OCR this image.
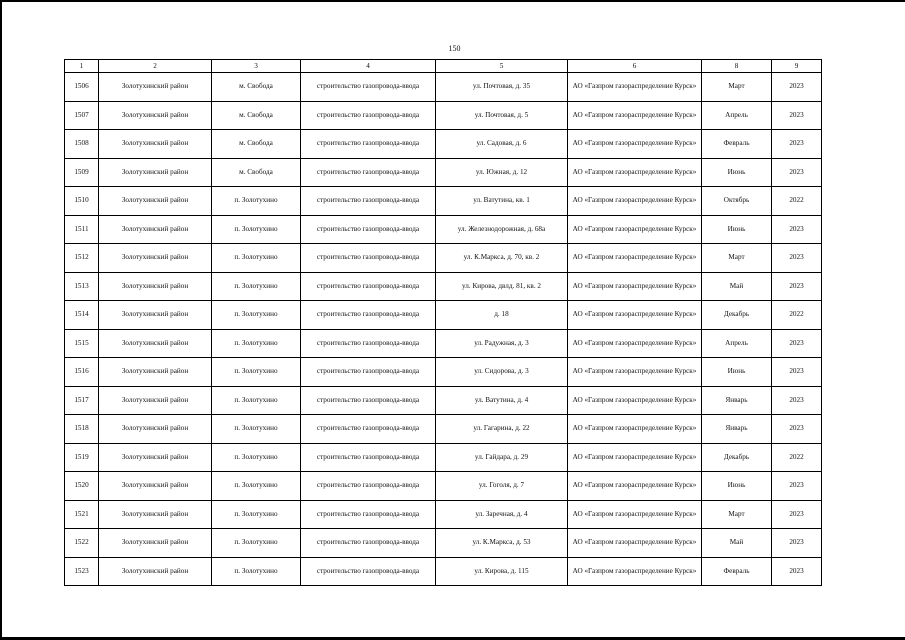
150
1	2	3	4	5	6	8	9
1506	Золотухинский район	м. Свобода	строительство газопровода-ввода	ул. Почтовая, д. 35	АО «Газпром газораспределение Курск»	Март	2023
1507	Золотухинский район	м. Свобода	строительство газопровода-ввода	ул. Почтовая, д. 5	АО «Газпром газораспределение Курск»	Апрель	2023
1508	Золотухинский район	м. Свобода	строительство газопровода-ввода	ул. Садовая, д. 6	АО «Газпром газораспределение Курск»	Февраль	2023
1509	Золотухинский район	м. Свобода	строительство газопровода-ввода	ул. Южная, д. 12	АО «Газпром газораспределение Курск»	Июнь	2023
1510	Золотухинский район	п. Золотухино	строительство газопровода-ввода	ул. Ватутина, кв. 1	АО «Газпром газораспределение Курск»	Октябрь	2022
1511	Золотухинский район	п. Золотухино	строительство газопровода-ввода	ул. Железнодорожная, д. 68а	АО «Газпром газораспределение Курск»	Июнь	2023
1512	Золотухинский район	п. Золотухино	строительство газопровода-ввода	ул. К.Маркса, д. 70, кв. 2	АО «Газпром газораспределение Курск»	Март	2023
1513	Золотухинский район	п. Золотухино	строительство газопровода-ввода	ул. Кирова, двлд. 81, кв. 2	АО «Газпром газораспределение Курск»	Май	2023
1514	Золотухинский район	п. Золотухино	строительство газопровода-ввода	д. 18	АО «Газпром газораспределение Курск»	Декабрь	2022
1515	Золотухинский район	п. Золотухино	строительство газопровода-ввода	ул. Радужная, д. 3	АО «Газпром газораспределение Курск»	Апрель	2023
1516	Золотухинский район	п. Золотухино	строительство газопровода-ввода	ул. Сидорова, д. 3	АО «Газпром газораспределение Курск»	Июнь	2023
1517	Золотухинский район	п. Золотухино	строительство газопровода-ввода	ул. Ватутина, д. 4	АО «Газпром газораспределение Курск»	Январь	2023
1518	Золотухинский район	п. Золотухино	строительство газопровода-ввода	ул. Гагарина, д. 22	АО «Газпром газораспределение Курск»	Январь	2023
1519	Золотухинский район	п. Золотухино	строительство газопровода-ввода	ул. Гайдара, д. 29	АО «Газпром газораспределение Курск»	Декабрь	2022
1520	Золотухинский район	п. Золотухино	строительство газопровода-ввода	ул. Гоголя, д. 7	АО «Газпром газораспределение Курск»	Июнь	2023
1521	Золотухинский район	п. Золотухино	строительство газопровода-ввода	ул. Заречная, д. 4	АО «Газпром газораспределение Курск»	Март	2023
1522	Золотухинский район	п. Золотухино	строительство газопровода-ввода	ул. К.Маркса, д. 53	АО «Газпром газораспределение Курск»	Май	2023
1523	Золотухинский район	п. Золотухино	строительство газопровода-ввода	ул. Кирова, д. 115	АО «Газпром газораспределение Курск»	Февраль	2023
